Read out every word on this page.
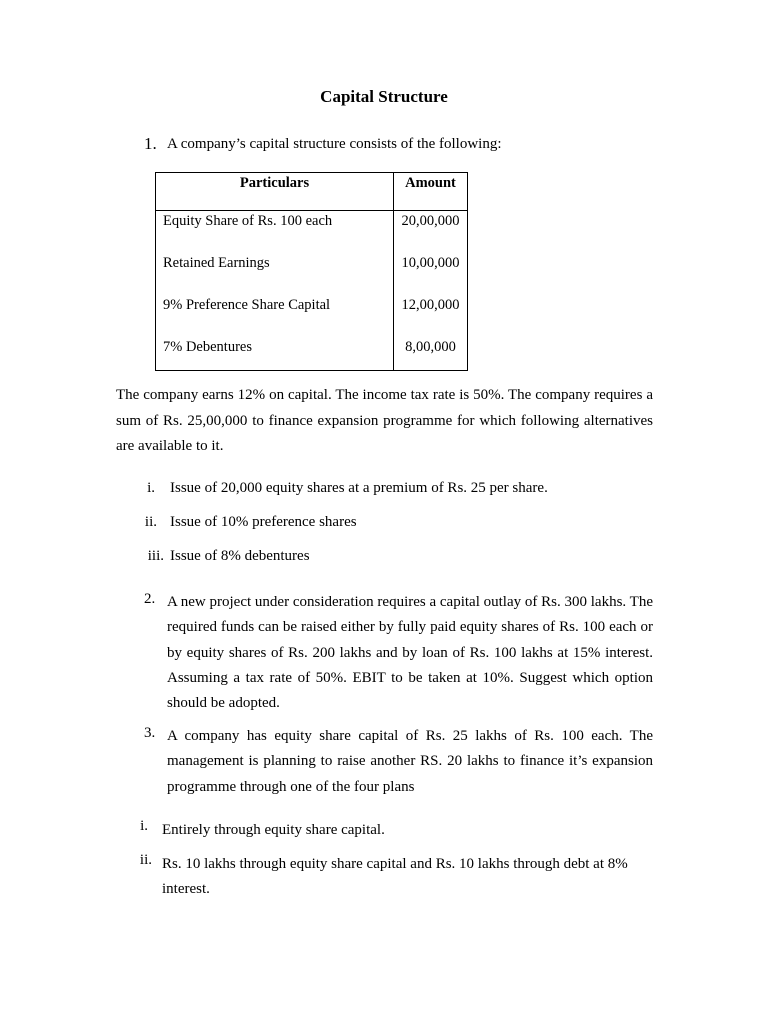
Capital Structure
1. A company’s capital structure consists of the following:
Particulars	Amount

Equity Share of Rs. 100 each	20,00,000

Retained Earnings	10,00,000

9% Preference Share Capital	12,00,000

7% Debentures	8,00,000
The company earns 12% on capital. The income tax rate is 50%. The company requires a sum of Rs. 25,00,000 to finance expansion programme for which following alternatives are available to it.
i. Issue of 20,000 equity shares at a premium of Rs. 25 per share.
ii. Issue of 10% preference shares
iii. Issue of 8% debentures
2. A new project under consideration requires a capital outlay of Rs. 300 lakhs. The required funds can be raised either by fully paid equity shares of Rs. 100 each or by equity shares of Rs. 200 lakhs and by loan of Rs. 100 lakhs at 15% interest. Assuming a tax rate of 50%. EBIT to be taken at 10%. Suggest which option should be adopted.
3. A company has equity share capital of Rs. 25 lakhs of Rs. 100 each. The management is planning to raise another RS. 20 lakhs to finance it’s expansion programme through one of the four plans
i. Entirely through equity share capital.
ii. Rs. 10 lakhs through equity share capital and Rs. 10 lakhs through debt at 8% interest.
